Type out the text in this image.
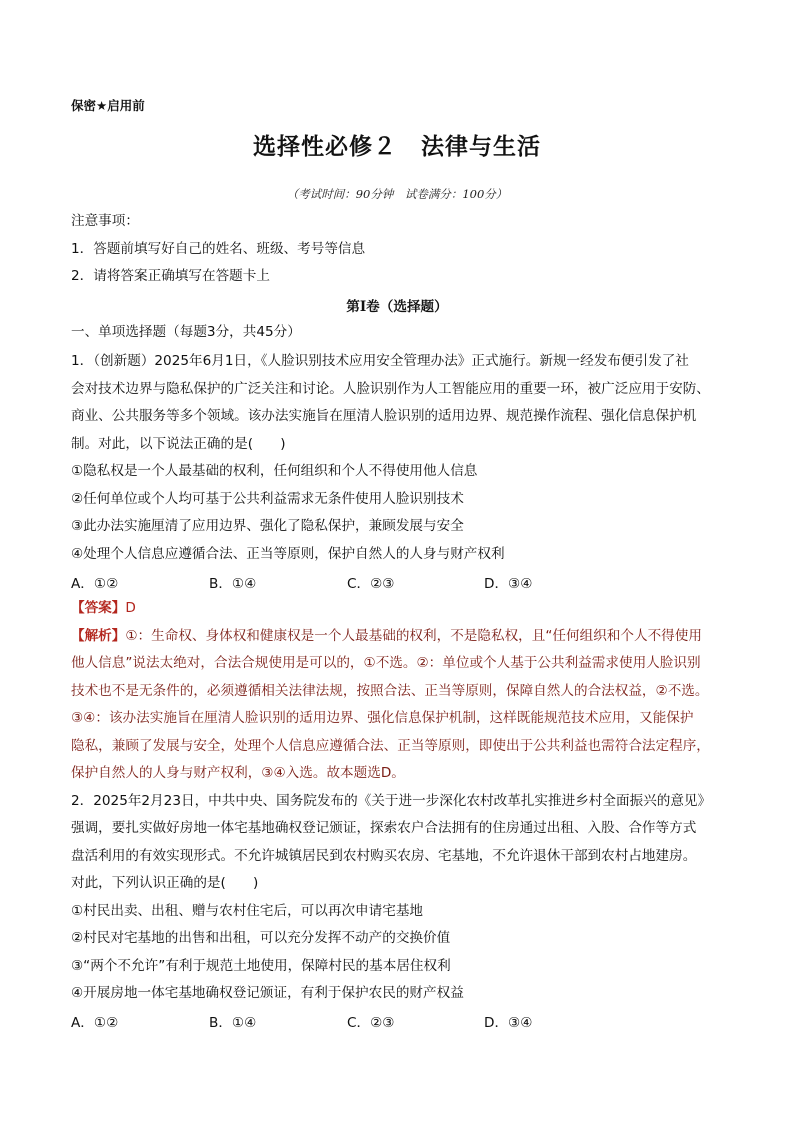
保密★启用前
选择性必修２　法律与生活
（考试时间：90分钟　试卷满分：100分）
注意事项：
1．答题前填写好自己的姓名、班级、考号等信息
2．请将答案正确填写在答题卡上
第I卷（选择题）
一、单项选择题（每题3分，共45分）
1．（创新题）2025年6月1日，《人脸识别技术应用安全管理办法》正式施行。新规一经发布便引发了社
会对技术边界与隐私保护的广泛关注和讨论。人脸识别作为人工智能应用的重要一环，被广泛应用于安防、
商业、公共服务等多个领域。该办法实施旨在厘清人脸识别的适用边界、规范操作流程、强化信息保护机
制。对此，以下说法正确的是(　　)
①隐私权是一个人最基础的权利，任何组织和个人不得使用他人信息
②任何单位或个人均可基于公共利益需求无条件使用人脸识别技术
③此办法实施厘清了应用边界、强化了隐私保护，兼顾发展与安全
④处理个人信息应遵循合法、正当等原则，保护自然人的人身与财产权利
A．①②	B．①④	C．②③	D．③④
【答案】D
【解析】①：生命权、身体权和健康权是一个人最基础的权利，不是隐私权，且“任何组织和个人不得使用
他人信息”说法太绝对，合法合规使用是可以的，①不选。②：单位或个人基于公共利益需求使用人脸识别
技术也不是无条件的，必须遵循相关法律法规，按照合法、正当等原则，保障自然人的合法权益，②不选。
③④：该办法实施旨在厘清人脸识别的适用边界、强化信息保护机制，这样既能规范技术应用，又能保护
隐私，兼顾了发展与安全，处理个人信息应遵循合法、正当等原则，即使出于公共利益也需符合法定程序，
保护自然人的人身与财产权利，③④入选。故本题选D。
2．2025年2月23日，中共中央、国务院发布的《关于进一步深化农村改革扎实推进乡村全面振兴的意见》
强调，要扎实做好房地一体宅基地确权登记颁证，探索农户合法拥有的住房通过出租、入股、合作等方式
盘活利用的有效实现形式。不允许城镇居民到农村购买农房、宅基地，不允许退休干部到农村占地建房。
对此，下列认识正确的是(　　)
①村民出卖、出租、赠与农村住宅后，可以再次申请宅基地
②村民对宅基地的出售和出租，可以充分发挥不动产的交换价值
③“两个不允许”有利于规范土地使用，保障村民的基本居住权利
④开展房地一体宅基地确权登记颁证，有利于保护农民的财产权益
A．①②	B．①④	C．②③	D．③④
